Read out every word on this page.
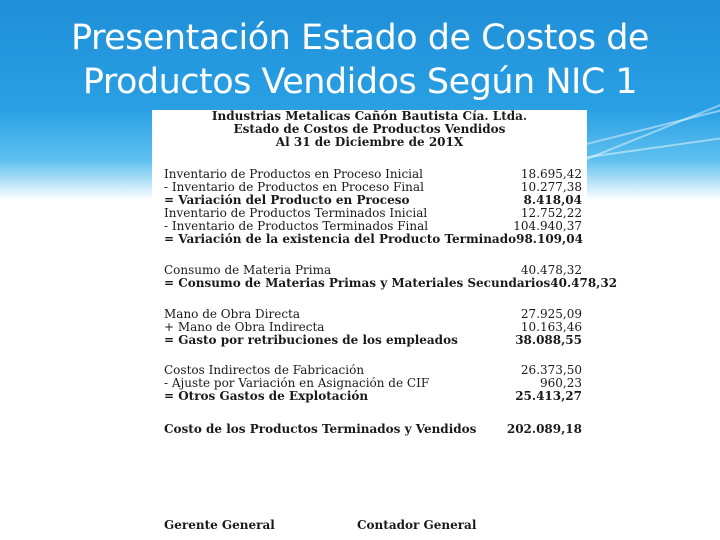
Presentación Estado de Costos de
Productos Vendidos Según NIC 1
Industrias Metalicas Cañón Bautista Cía. Ltda.
Estado de Costos de Productos Vendidos
Al 31 de Diciembre de 201X
Inventario de Productos en Proceso Inicial	18.695,42
- Inventario de Productos en Proceso Final	10.277,38
= Variación del Producto en Proceso	8.418,04
Inventario de Productos Terminados Inicial	12.752,22
- Inventario de Productos Terminados Final	104.940,37
= Variación de la existencia del Producto Terminado 98.109,04
Consumo de Materia Prima	40.478,32
= Consumo de Materias Primas y Materiales Secundarios 40.478,32
Mano de Obra Directa	27.925,09
+ Mano de Obra Indirecta	10.163,46
= Gasto por retribuciones de los empleados	38.088,55
Costos Indirectos de Fabricación	26.373,50
- Ajuste por Variación en Asignación de CIF	960,23
= Otros Gastos de Explotación	25.413,27
Costo de los Productos Terminados y Vendidos	202.089,18
Gerente General	Contador General
